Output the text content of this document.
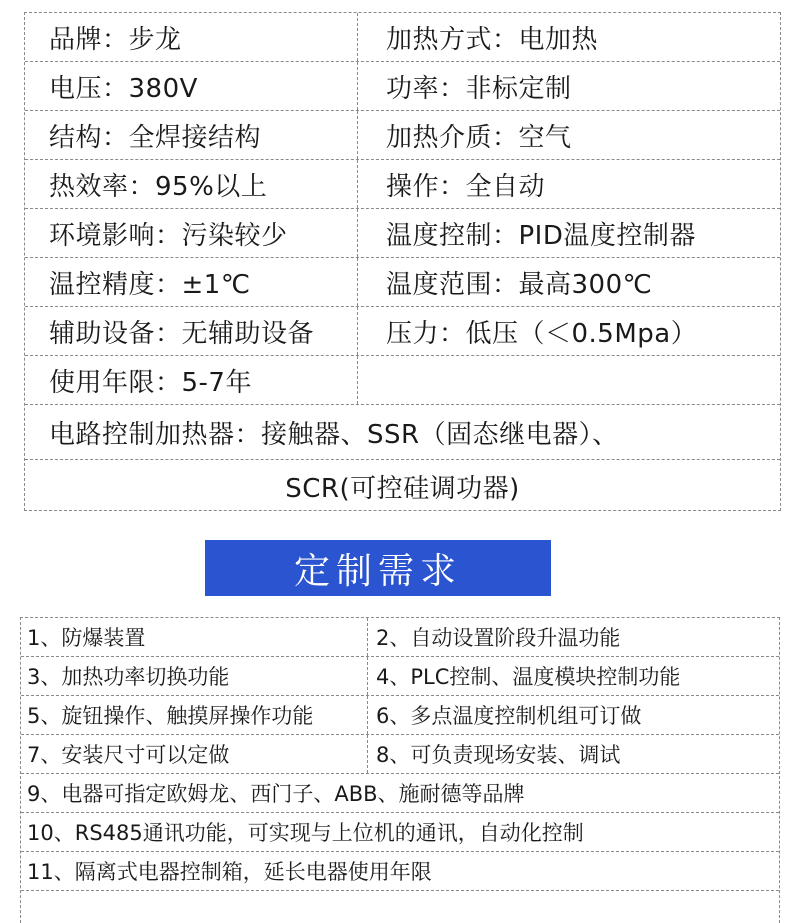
品牌：步龙	加热方式：电加热
电压：380V	功率：非标定制
结构：全焊接结构	加热介质：空气
热效率：95%以上	操作：全自动
环境影响：污染较少	温度控制：PID温度控制器
温控精度：±1℃	温度范围：最高300℃
辅助设备：无辅助设备	压力：低压（＜0.5Mpa）
使用年限：5-7年
电路控制加热器：接触器、SSR（固态继电器）、
SCR(可控硅调功器)
定制需求
1、防爆装置	2、自动设置阶段升温功能
3、加热功率切换功能	4、PLC控制、温度模块控制功能
5、旋钮操作、触摸屏操作功能	6、多点温度控制机组可订做
7、安装尺寸可以定做	8、可负责现场安装、调试
9、电器可指定欧姆龙、西门子、ABB、施耐德等品牌
10、RS485通讯功能，可实现与上位机的通讯，自动化控制
11、隔离式电器控制箱，延长电器使用年限
